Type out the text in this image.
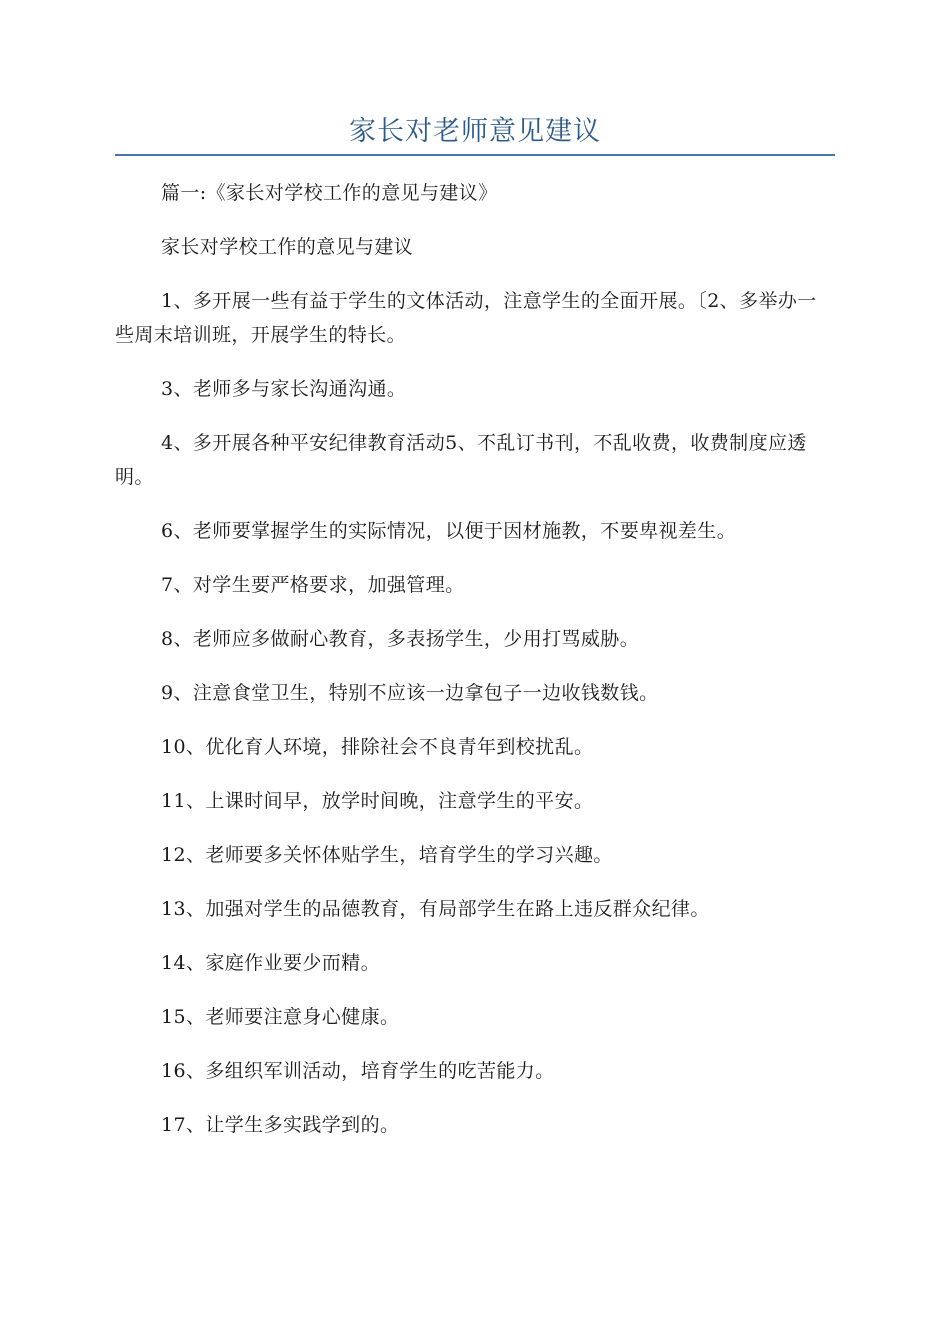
家长对老师意见建议

篇一:《家长对学校工作的意见与建议》

家长对学校工作的意见与建议

1、多开展一些有益于学生的文体活动，注意学生的全面开展。〔2、多举办一些周末培训班，开展学生的特长。

3、老师多与家长沟通沟通。

4、多开展各种平安纪律教育活动5、不乱订书刊，不乱收费，收费制度应透明。

6、老师要掌握学生的实际情况，以便于因材施教，不要卑视差生。

7、对学生要严格要求，加强管理。

8、老师应多做耐心教育，多表扬学生，少用打骂威胁。

9、注意食堂卫生，特别不应该一边拿包子一边收钱数钱。

10、优化育人环境，排除社会不良青年到校扰乱。

11、上课时间早，放学时间晚，注意学生的平安。

12、老师要多关怀体贴学生，培育学生的学习兴趣。

13、加强对学生的品德教育，有局部学生在路上违反群众纪律。

14、家庭作业要少而精。

15、老师要注意身心健康。

16、多组织军训活动，培育学生的吃苦能力。

17、让学生多实践学到的。
